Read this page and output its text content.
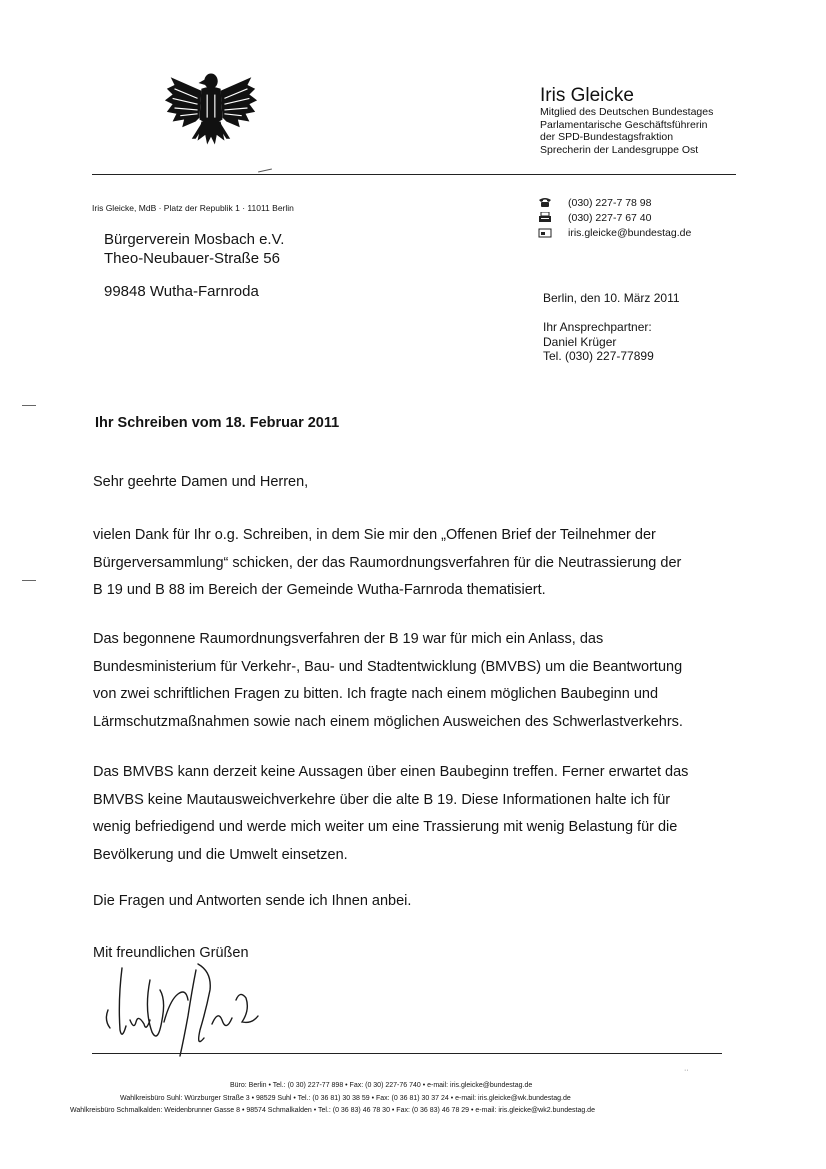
Iris Gleicke
Mitglied des Deutschen Bundestages
Parlamentarische Geschäftsführerin
der SPD-Bundestagsfraktion
Sprecherin der Landesgruppe Ost
Iris Gleicke, MdB · Platz der Republik 1 · 11011 Berlin	(030) 227-7 78 98
(030) 227-7 67 40
iris.gleicke@bundestag.de
Bürgerverein Mosbach e.V.
Theo-Neubauer-Straße 56
99848 Wutha-Farnroda	Berlin, den 10. März 2011
Ihr Ansprechpartner:
Daniel Krüger
Tel. (030) 227-77899
Ihr Schreiben vom 18. Februar 2011
Sehr geehrte Damen und Herren,
vielen Dank für Ihr o.g. Schreiben, in dem Sie mir den „Offenen Brief der Teilnehmer der
Bürgerversammlung“ schicken, der das Raumordnungsverfahren für die Neutrassierung der
B 19 und B 88 im Bereich der Gemeinde Wutha-Farnroda thematisiert.
Das begonnene Raumordnungsverfahren der B 19 war für mich ein Anlass, das
Bundesministerium für Verkehr-, Bau- und Stadtentwicklung (BMVBS) um die Beantwortung
von zwei schriftlichen Fragen zu bitten. Ich fragte nach einem möglichen Baubeginn und
Lärmschutzmaßnahmen sowie nach einem möglichen Ausweichen des Schwerlastverkehrs.
Das BMVBS kann derzeit keine Aussagen über einen Baubeginn treffen. Ferner erwartet das
BMVBS keine Mautausweichverkehre über die alte B 19. Diese Informationen halte ich für
wenig befriedigend und werde mich weiter um eine Trassierung mit wenig Belastung für die
Bevölkerung und die Umwelt einsetzen.
Die Fragen und Antworten sende ich Ihnen anbei.
Mit freundlichen Grüßen
··
Büro: Berlin • Tel.: (0 30) 227-77 898 • Fax: (0 30) 227-76 740 • e-mail: iris.gleicke@bundestag.de
Wahlkreisbüro Suhl: Würzburger Straße 3 • 98529 Suhl • Tel.: (0 36 81) 30 38 59 • Fax: (0 36 81) 30 37 24 • e-mail: iris.gleicke@wk.bundestag.de
Wahlkreisbüro Schmalkalden: Weidenbrunner Gasse 8 • 98574 Schmalkalden • Tel.: (0 36 83) 46 78 30 • Fax: (0 36 83) 46 78 29 • e-mail: iris.gleicke@wk2.bundestag.de
